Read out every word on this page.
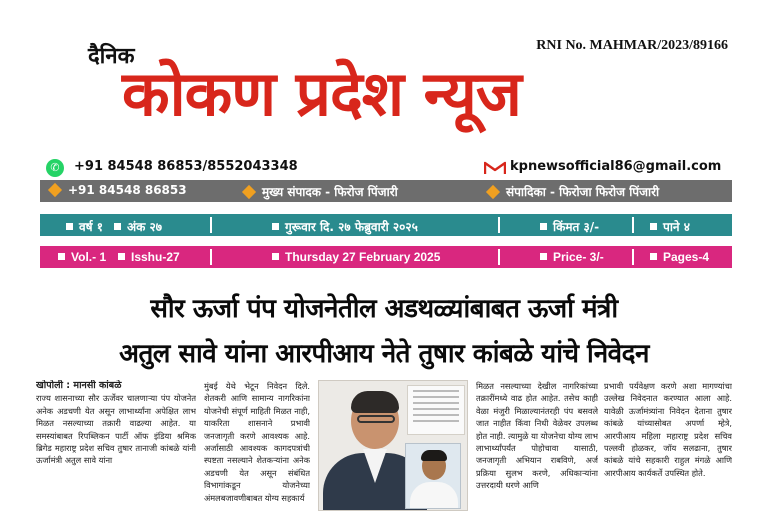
दैनिक	RNI No. MAHMAR/2023/89166
कोकण प्रदेश न्यूज
✆	+91 84548 86853/8552043348	kpnewsofficial86@gmail.com
+91 84548 86853	मुख्य संपादक - फिरोज पिंजारी	संपादिका - फिरोजा फिरोज पिंजारी
वर्ष १	अंक २७	गुरूवार दि. २७ फेब्रुवारी २०२५	किंमत ३/-	पाने ४
Vol.- 1	Isshu-27	Thursday 27 February 2025	Price- 3/-	Pages-4
सौर ऊर्जा पंप योजनेतील अडथळ्यांबाबत ऊर्जा मंत्री
अतुल सावे यांना आरपीआय नेते तुषार कांबळे यांचे निवेदन
खोपोली : मानसी कांबळे
राज्य शासनाच्या सौर ऊर्जेवर चालणाऱ्या पंप योजनेत अनेक अडचणी येत असून लाभार्थ्यांना अपेक्षित लाभ मिळत नसल्याच्या तक्रारी वाढल्या आहेत. या समस्यांबाबत रिपब्लिकन पार्टी ऑफ इंडिया श्रमिक ब्रिगेड महाराष्ट्र प्रदेश सचिव तुषार तानाजी कांबळे यांनी ऊर्जामंत्री अतुल सावे यांना
मुंबई येथे भेटून निवेदन दिले. शेतकरी आणि सामान्य नागरिकांना योजनेची संपूर्ण माहिती मिळत नाही, याकरिता शासनाने प्रभावी जनजागृती करणे आवश्यक आहे. अर्जासाठी आवश्यक कागदपत्रांची स्पष्टता नसल्याने शेतकऱ्यांना अनेक अडचणी येत असून संबंधित विभागांकडून योजनेच्या अंमलबजावणीबाबत योग्य सहकार्य
मिळत नसल्याच्या देखील नागरिकांच्या तक्रारींमध्ये वाढ होत आहेत. तसेच काही वेळा मंजुरी मिळाल्यानंतरही पंप बसवले जात नाहीत किंवा निधी वेळेवर उपलब्ध होत नाही. त्यामुळे या योजनेचा योग्य लाभ लाभार्थ्यांपर्यंत पोहोचावा यासाठी, जनजागृती अभियान राबविणे, अर्ज प्रक्रिया सुलभ करणे, अधिकाऱ्यांना उत्तरदायी धरणे आणि
प्रभावी पर्यवेक्षण करणे अशा मागण्यांचा उल्लेख निवेदनात करण्यात आला आहे. यावेळी ऊर्जामंत्र्यांना निवेदन देताना तुषार कांबळे यांच्यासोबत अपर्णा म्हेत्रे, आरपीआय महिला महाराष्ट्र प्रदेश सचिव पल्लवी होळकर, जॉय सलढाना, तुषार कांबळे यांचे सहकारी राहुल मंगळे आणि आरपीआय कार्यकर्ते उपस्थित होते.
